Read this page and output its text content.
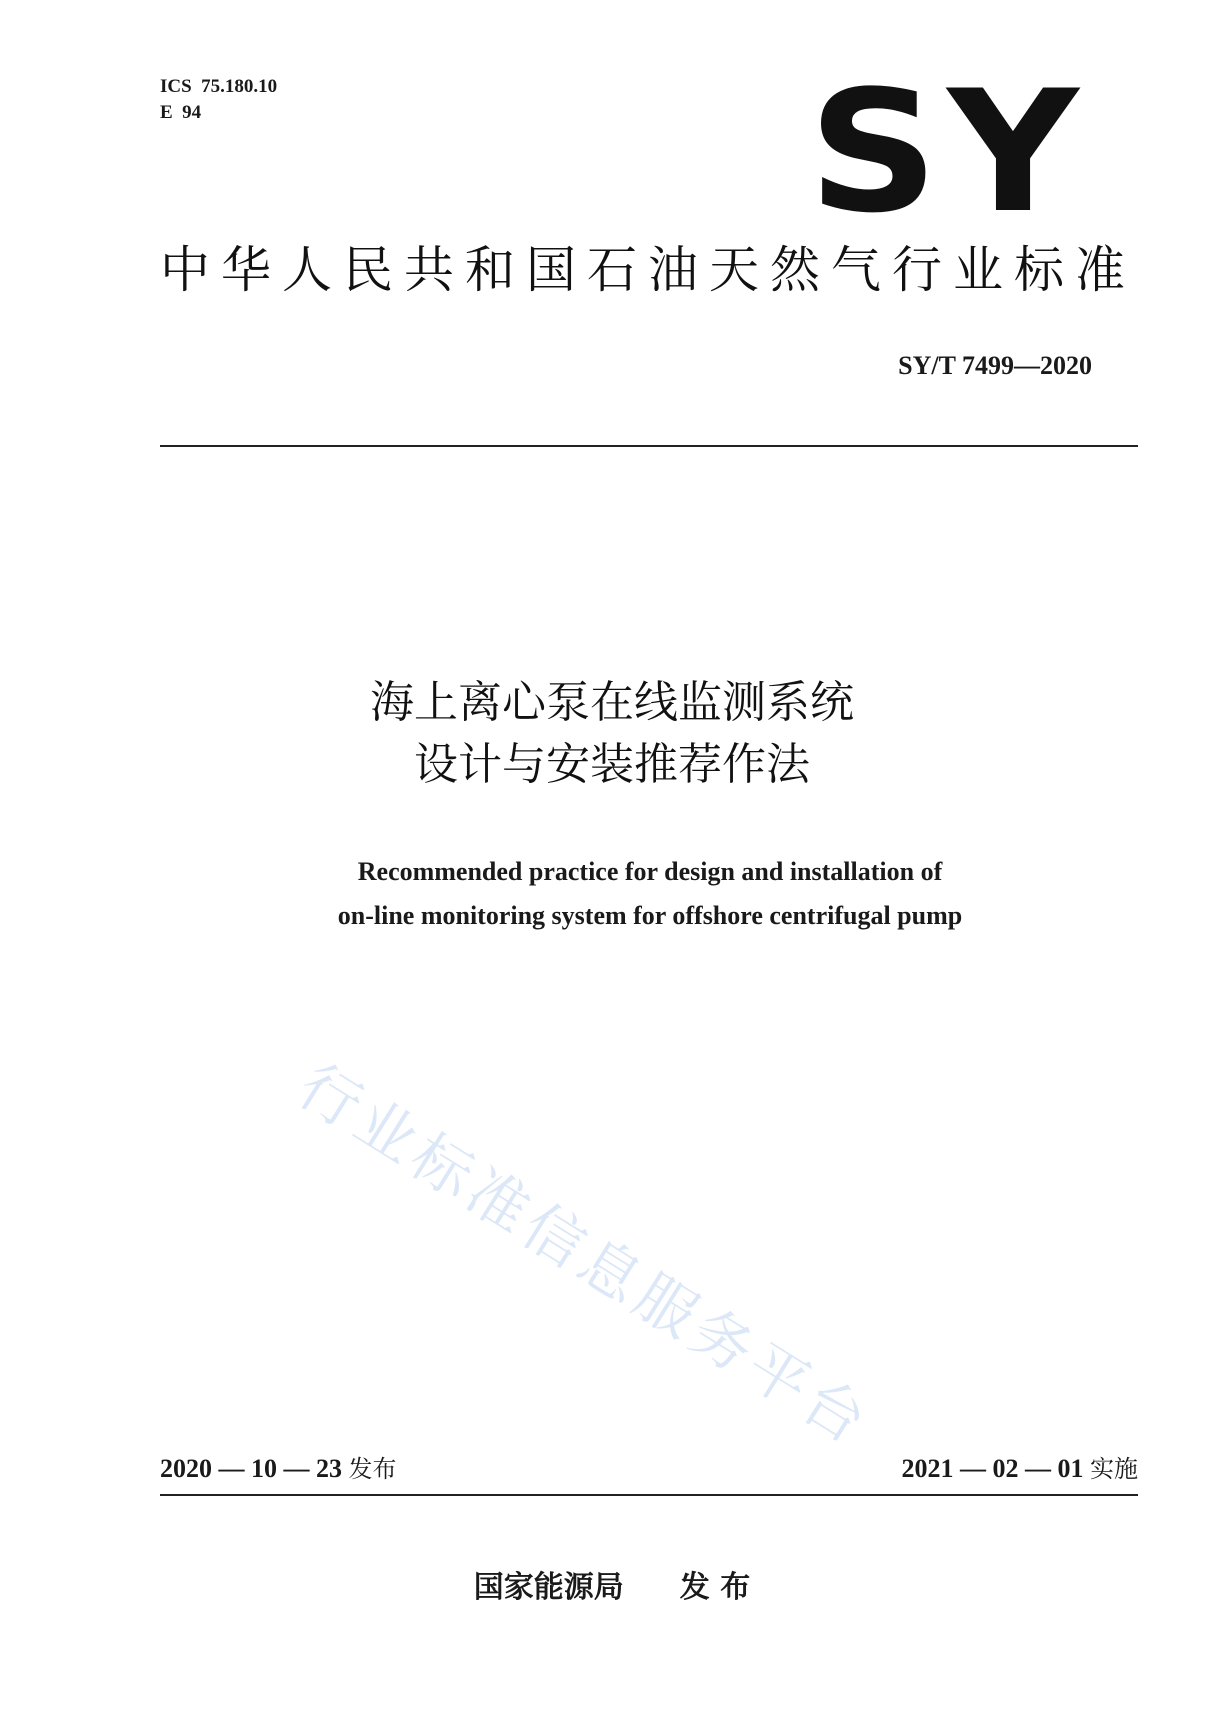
ICS  75.180.10
E  94	SY
中华人民共和国石油天然气行业标准
SY/T 7499—2020
海上离心泵在线监测系统
设计与安装推荐作法
Recommended practice for design and installation of
on-line monitoring system for offshore centrifugal pump
行业标准信息服务平台
2020 — 10 — 23 发布	2021 — 02 — 01 实施
国家能源局 发 布
